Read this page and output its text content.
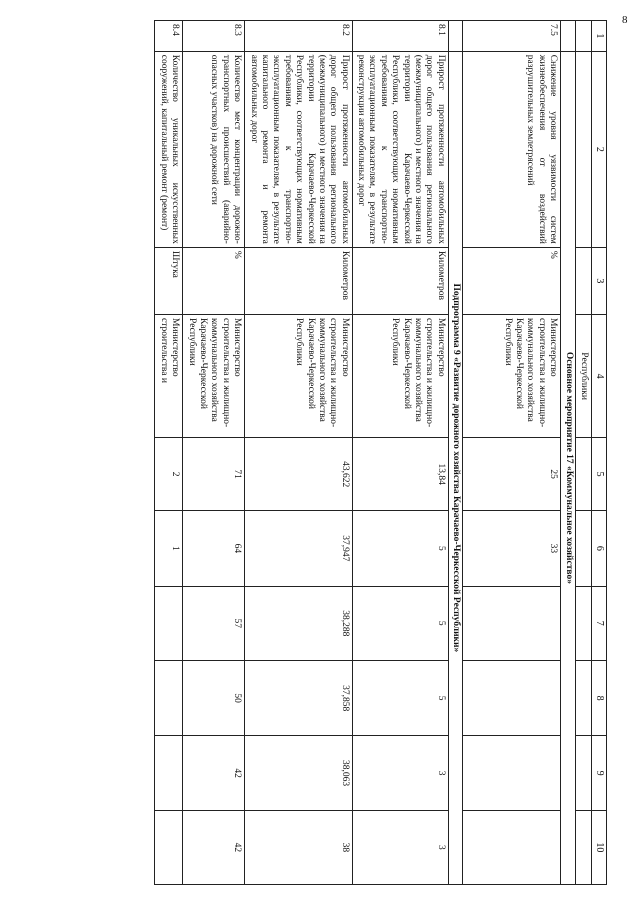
8
1	2	3	4	5	6	7	8	9	10
			Республики						
	Основное мероприятие 17 «Коммунальное хозяйство»								
7.5	Снижение уровня уязвимости систем жизнеобеспечения от воздействий разрушительных землетрясений	%	Министерство строительства и жилищно-коммунального хозяйства Карачаево-Черкесской Республики	25	33				
	Подпрограмма 9 «Развитие дорожного хозяйства Карачаево-Черкесской Республики»								
8.1	Прирост протяженности автомобильных дорог общего пользования регионального (межмуниципального) и местного значения на территории Карачаево-Черкесской Республики, соответствующих нормативным требованиям к транспортно-эксплуатационным показателям, в результате реконструкции автомобильных дорог	Километров	Министерство строительства и жилищно-коммунального хозяйства Карачаево-Черкесской Республики	13,84	5	5	5	3	3
8.2	Прирост протяженности автомобильных дорог общего пользования регионального (межмуниципального) и местного значения на территории Карачаево-Черкесской Республики, соответствующих нормативным требованиям к транспортно-эксплуатационным показателям, в результате капитального ремонта и ремонта автомобильных дорог	Километров	Министерство строительства и жилищно-коммунального хозяйства Карачаево-Черкесской Республики	43,622	37,947	38,288	37,858	38,063	38
8.3	Количество мест концентрации дорожно-транспортных происшествий (аварийно-опасных участков) на дорожной сети	%	Министерство строительства и жилищно-коммунального хозяйства Карачаево-Черкесской Республики	71	64	57	50	42	42
8.4	Количество уникальных искусственных сооружений, капитальный ремонт (ремонт)	Штука	Министерство строительства и	2	1				
